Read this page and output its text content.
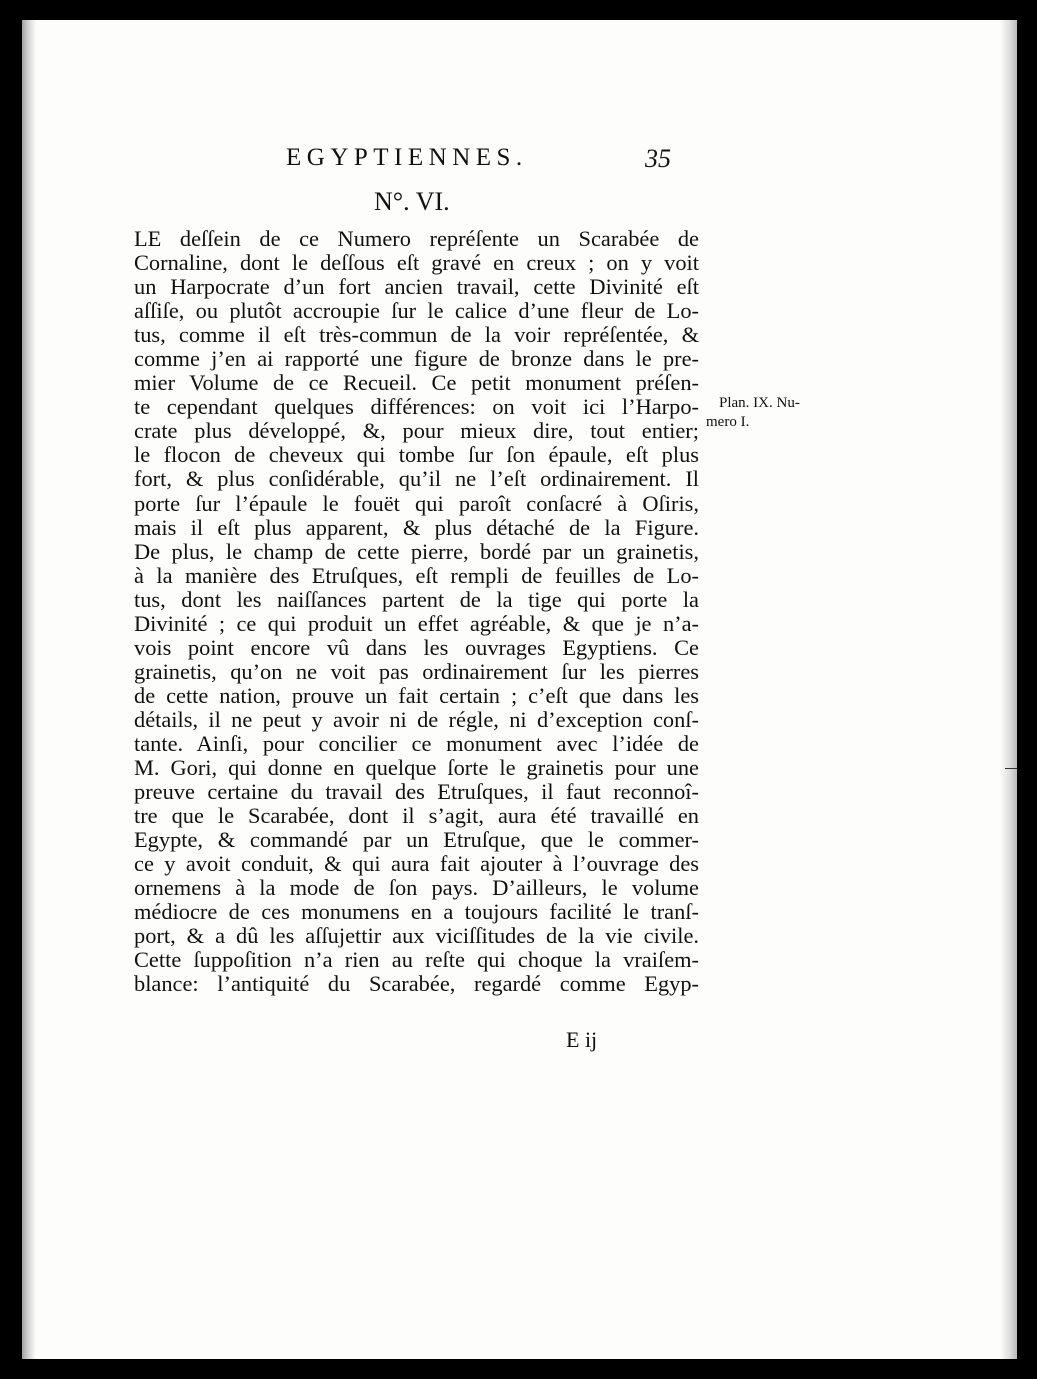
EGYPTIENNES.	35
N°. VI.
LE deſſein de ce Numero repréſente un Scarabée de
Cornaline, dont le deſſous eſt gravé en creux ; on y voit
un Harpocrate d’un fort ancien travail, cette Divinité eſt
aſſiſe, ou plutôt accroupie ſur le calice d’une fleur de Lo-
tus, comme il eſt très-commun de la voir repréſentée, &
comme j’en ai rapporté une figure de bronze dans le pre-
mier Volume de ce Recueil. Ce petit monument préſen-
te cependant quelques différences: on voit ici l’Harpo-
crate plus développé, &, pour mieux dire, tout entier;
le flocon de cheveux qui tombe ſur ſon épaule, eſt plus
fort, & plus conſidérable, qu’il ne l’eſt ordinairement. Il
porte ſur l’épaule le fouët qui paroît conſacré à Oſiris,
mais il eſt plus apparent, & plus détaché de la Figure.
De plus, le champ de cette pierre, bordé par un grainetis,
à la manière des Etruſques, eſt rempli de feuilles de Lo-
tus, dont les naiſſances partent de la tige qui porte la
Divinité ; ce qui produit un effet agréable, & que je n’a-
vois point encore vû dans les ouvrages Egyptiens. Ce
grainetis, qu’on ne voit pas ordinairement ſur les pierres
de cette nation, prouve un fait certain ; c’eſt que dans les
détails, il ne peut y avoir ni de régle, ni d’exception conſ-
tante. Ainſi, pour concilier ce monument avec l’idée de
M. Gori, qui donne en quelque ſorte le grainetis pour une
preuve certaine du travail des Etruſques, il faut reconnoî-
tre que le Scarabée, dont il s’agit, aura été travaillé en
Egypte, & commandé par un Etruſque, que le commer-
ce y avoit conduit, & qui aura fait ajouter à l’ouvrage des
ornemens à la mode de ſon pays. D’ailleurs, le volume
médiocre de ces monumens en a toujours facilité le tranſ-
port, & a dû les aſſujettir aux viciſſitudes de la vie civile.
Cette ſuppoſition n’a rien au reſte qui choque la vraiſem-
blance: l’antiquité du Scarabée, regardé comme Egyp-
Plan. IX. Nu-
mero I.
E ij
